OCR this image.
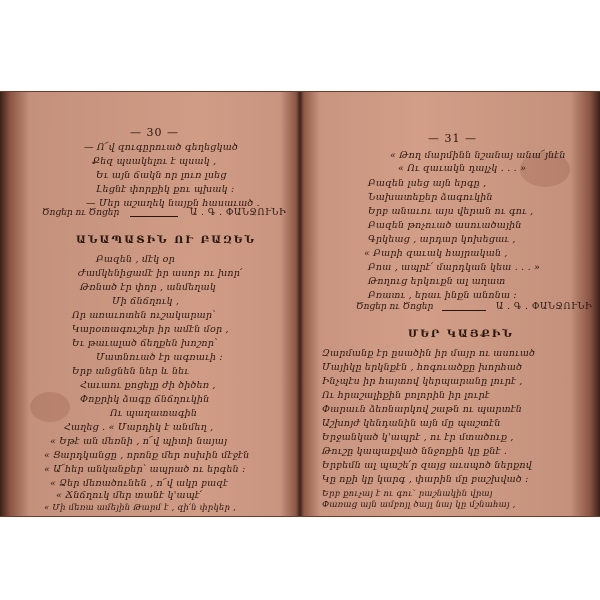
— 30 —
— Ո՜վ զուգըրուած գեղեցկած
Քեզ պսակելու է պսակ ,
Եւ այն ճակն որ լուռ լսեց
Լեցնէ փորքիկ քու պխակ :
— Մեր աշաղեկ նայքն հասաւած .
Ծոցեր ու Ծոցեր	Ա . Գ . ՓԱՆՋՈՒՆԻ
ԱՆԱՊԱՏԻՆ ՈՒ ԲԱԶԵՆ
Բազեն , մէկ օր
Ժամկենիցամէ իր ասոր ու խոր՛
Թռնած էր փոր , անմեղակ
Մի ճնճղուկ ,
Որ առաւոտեն ուշակարար՝
Կարօտագուշեր իր ամէն մօր ,
Եւ թաւալած ճեղքեն խոշոր՝
Մատնուած էր ագռաւի :
Երբ անցնեն ներ և նեւ
Հաւաու քոցելը ժի ծիծեռ ,
Փոքրիկ ձագը ճնճղուկին
Ու պաղատագին
Հաղեց . « Մարդիկ է անմեղ ,
« Եթէ ան մեռնի , ո՜վ պիտի նայայ
« Ցարդկանցը , որոնք մեր ոսխին մէջէն
« Ա՜հեր անկանքեր՝ ապրած ու երգեն :
« Ձեր մեռածունեն , ո՜վ ակր բազէ
« Ճնճղուկ մեր տանէ կ'ապէ՛
« Մի մեռա ամեյին Թարմ է , զի՛ն փրկեր ,
— 31 —
« Թող մարմինն նշանայ անա՜յնէն
« Ու զաւակն դալչկ . . . »
Բազեն լսեց այն երգը ,
Նախատեքեր ձագուկին
Երբ անաւու այս վերան ու գու ,
Բազեն թոչուած ասուածային
Գրկեաց , արդար կոխեցաւ ,
« Բարի զաւակ հայրական ,
Բոա , ապրէ՛ մարդկան կեա . . . »
Թողուց երկուքն ալ աղատ
Բռատւ , երաւ ինքն անոնա :
Ծոցեր ու Ծոցեր	Ա . Գ . ՓԱՆՋՈՒՆԻ
ՄԵՐ ԿԱՅՔԻՆ
Զարմանք էր ըսածին իր մայր ու ասուած
Մայիկը երկնքէն , հոգուածքը խորհած
Ինչպէս իր հայտով կերպարանը լուրէ ,
Ու հրաշալիքին բոլորին իր լուրէ
Փարաւն ձեռնարկով շաթն ու պարտէն
Աշխոյժ կենդանին այն մը պաշտէն
Երջանկած կ'ապրէ , ու էր մտածուք ,
Թուշը կապաքված ննջոքին կը քնէ .
Երբեմն ալ պաշե՛ր զայց աւսպոծ ներքով
Կը ոքի կը կարգ , փարին մը բաշխված :
Երբ քուչայ է ու գու՝ րաշնակին վրայ
Փառաց այն ամբոյլ ծայլ նայ կը մշնահայ ,
